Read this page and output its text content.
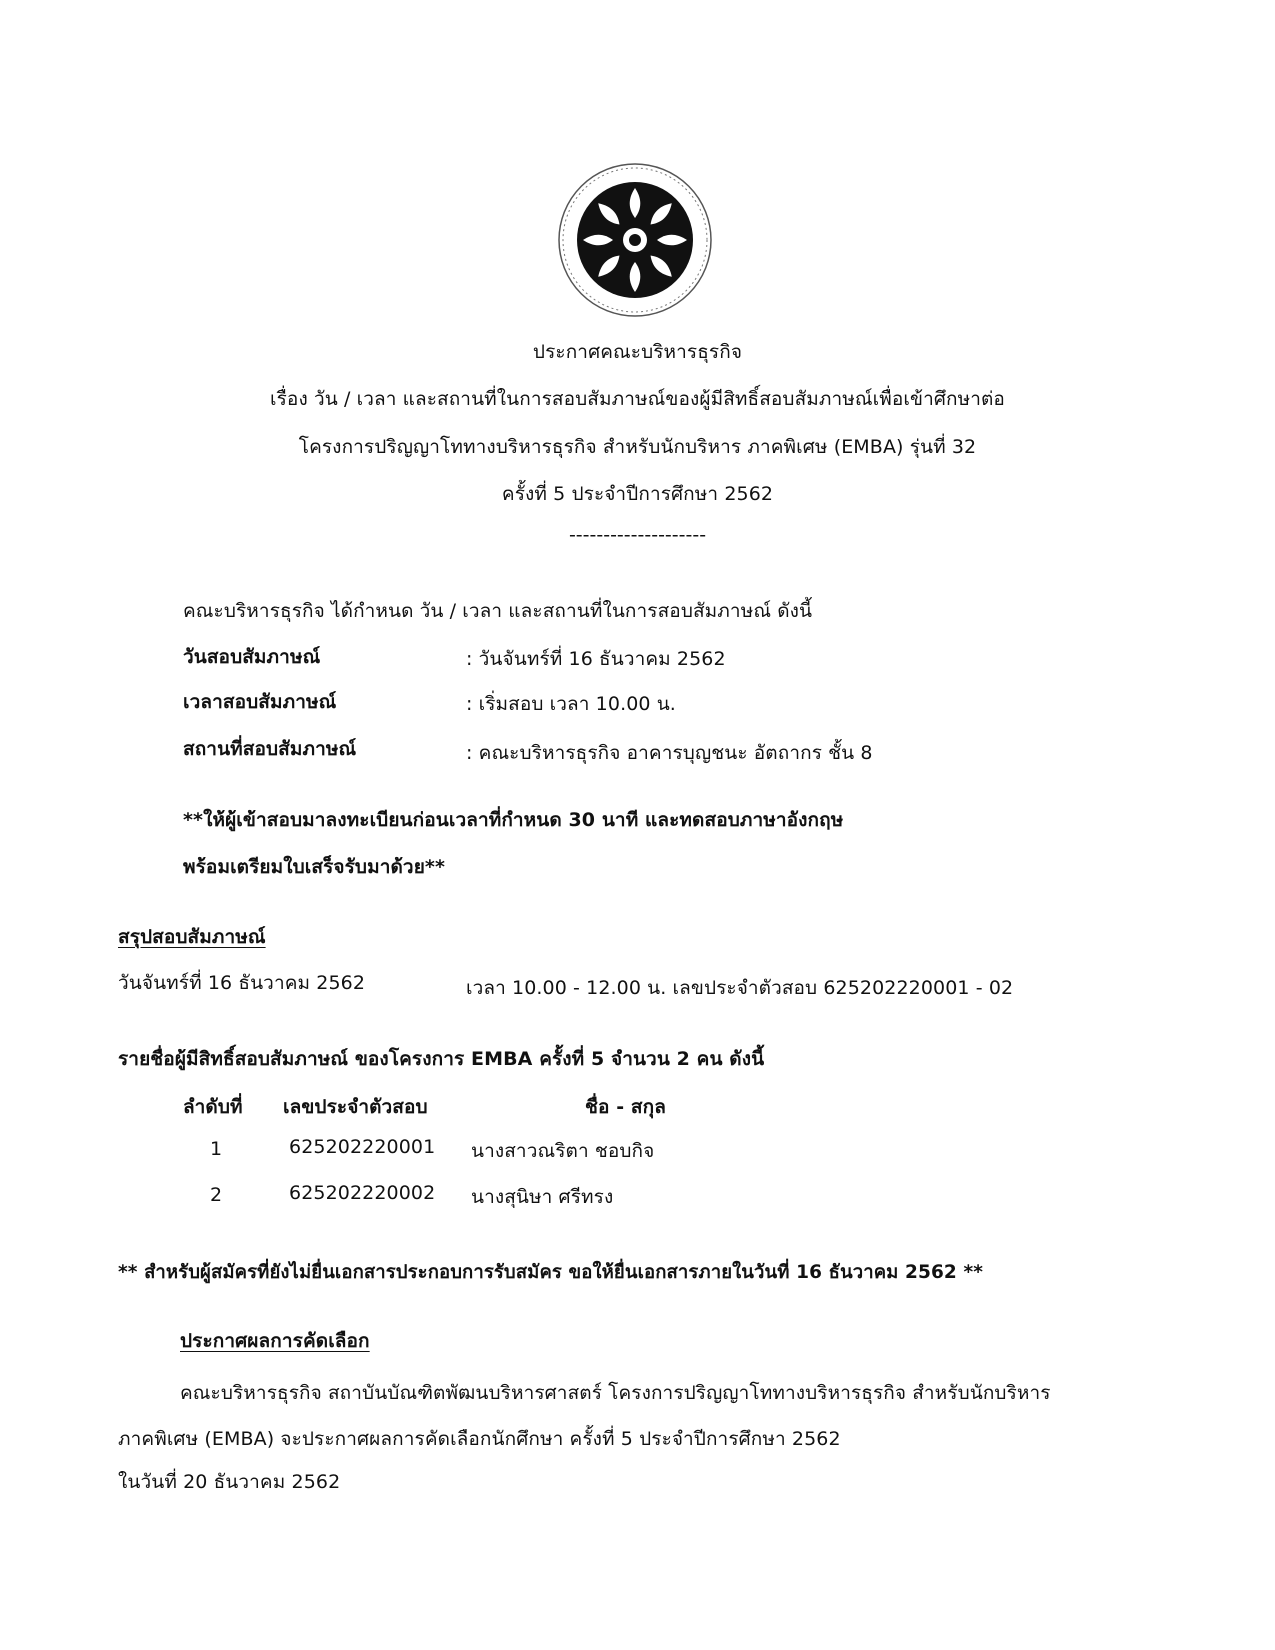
ประกาศคณะบริหารธุรกิจ
เรื่อง วัน / เวลา และสถานที่ในการสอบสัมภาษณ์ของผู้มีสิทธิ์สอบสัมภาษณ์เพื่อเข้าศึกษาต่อ
โครงการปริญญาโททางบริหารธุรกิจ สำหรับนักบริหาร ภาคพิเศษ (EMBA) รุ่นที่ 32
ครั้งที่ 5 ประจำปีการศึกษา 2562
--------------------
คณะบริหารธุรกิจ ได้กำหนด วัน / เวลา และสถานที่ในการสอบสัมภาษณ์ ดังนี้
วันสอบสัมภาษณ์	: วันจันทร์ที่ 16 ธันวาคม 2562
เวลาสอบสัมภาษณ์	: เริ่มสอบ เวลา 10.00 น.
สถานที่สอบสัมภาษณ์	: คณะบริหารธุรกิจ อาคารบุญชนะ อัตถากร ชั้น 8
**ให้ผู้เข้าสอบมาลงทะเบียนก่อนเวลาที่กำหนด 30 นาที และทดสอบภาษาอังกฤษ
พร้อมเตรียมใบเสร็จรับมาด้วย**
สรุปสอบสัมภาษณ์
วันจันทร์ที่ 16 ธันวาคม 2562	เวลา 10.00 - 12.00 น. เลขประจำตัวสอบ 625202220001 - 02
รายชื่อผู้มีสิทธิ์สอบสัมภาษณ์ ของโครงการ EMBA ครั้งที่ 5 จำนวน 2 คน ดังนี้
ลำดับที่ เลขประจำตัวสอบ	ชื่อ - สกุล
1	625202220001 นางสาวณริตา ชอบกิจ
2	625202220002 นางสุนิษา ศรีทรง
** สำหรับผู้สมัครที่ยังไม่ยื่นเอกสารประกอบการรับสมัคร ขอให้ยื่นเอกสารภายในวันที่ 16 ธันวาคม 2562 **
ประกาศผลการคัดเลือก
คณะบริหารธุรกิจ สถาบันบัณฑิตพัฒนบริหารศาสตร์ โครงการปริญญาโททางบริหารธุรกิจ สำหรับนักบริหาร
ภาคพิเศษ (EMBA) จะประกาศผลการคัดเลือกนักศึกษา ครั้งที่ 5 ประจำปีการศึกษา 2562
ในวันที่ 20 ธันวาคม 2562
